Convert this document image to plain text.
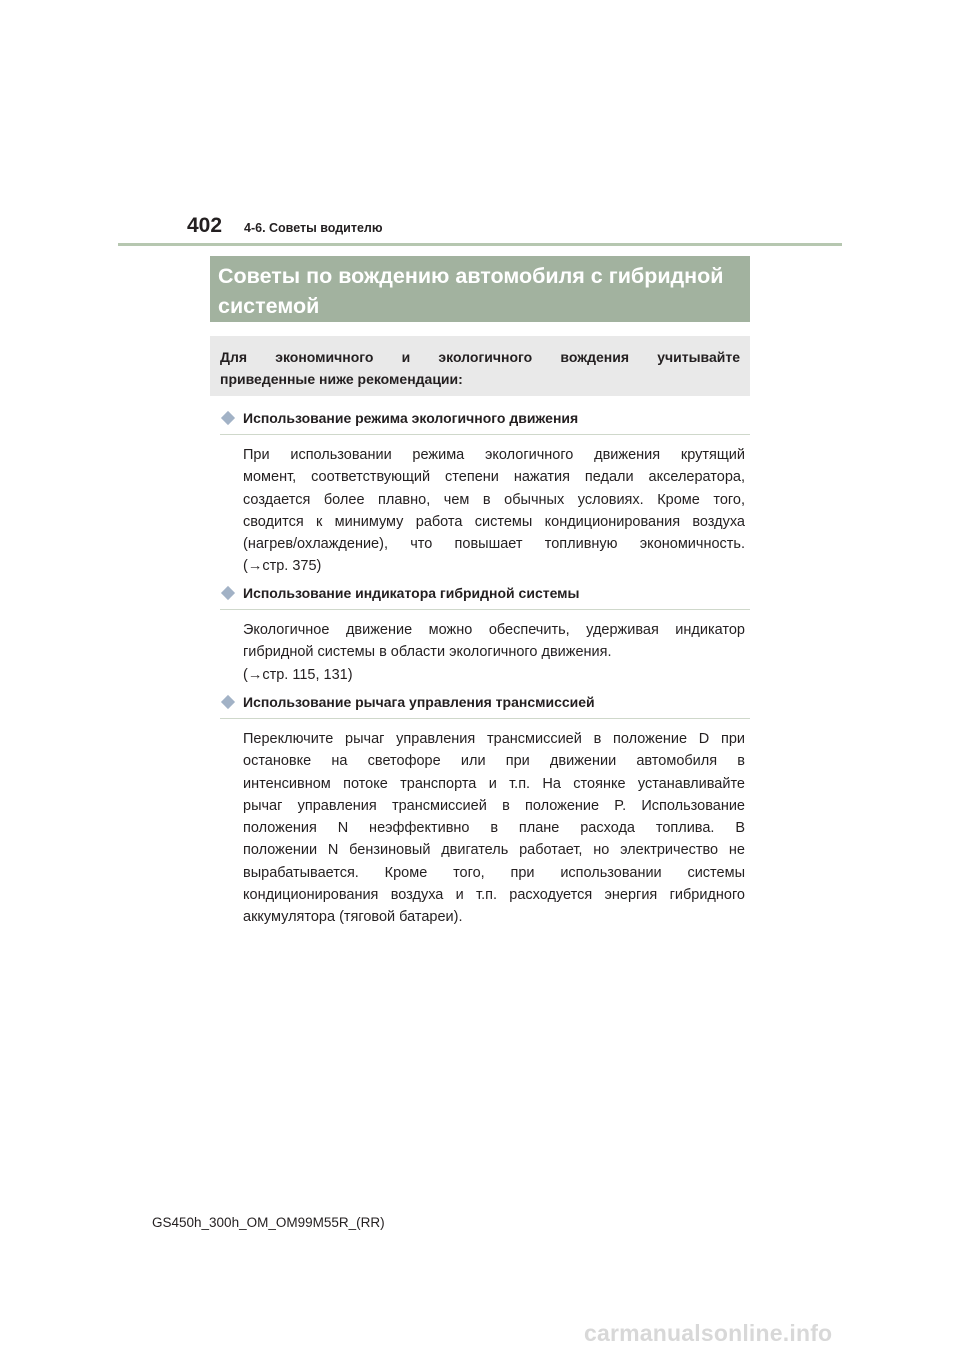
402 4-6. Советы водителю
Советы по вождению автомобиля с гибридной
системой
Для экономичного и экологичного вождения учитывайте
приведенные ниже рекомендации:
Использование режима экологичного движения
При использовании режима экологичного движения крутящий
момент, соответствующий степени нажатия педали акселератора,
создается более плавно, чем в обычных условиях. Кроме того,
сводится к минимуму работа системы кондиционирования воздуха
(нагрев/охлаждение), что повышает топливную экономичность.
(→стр. 375)
Использование индикатора гибридной системы
Экологичное движение можно обеспечить, удерживая индикатор
гибридной системы в области экологичного движения.
(→стр. 115, 131)
Использование рычага управления трансмиссией
Переключите рычаг управления трансмиссией в положение D при
остановке на светофоре или при движении автомобиля в
интенсивном потоке транспорта и т.п. На стоянке устанавливайте
рычаг управления трансмиссией в положение P. Использование
положения N неэффективно в плане расхода топлива. В
положении N бензиновый двигатель работает, но электричество не
вырабатывается. Кроме того, при использовании системы
кондиционирования воздуха и т.п. расходуется энергия гибридного
аккумулятора (тяговой батареи).
GS450h_300h_OM_OM99M55R_(RR)
carmanualsonline.info
